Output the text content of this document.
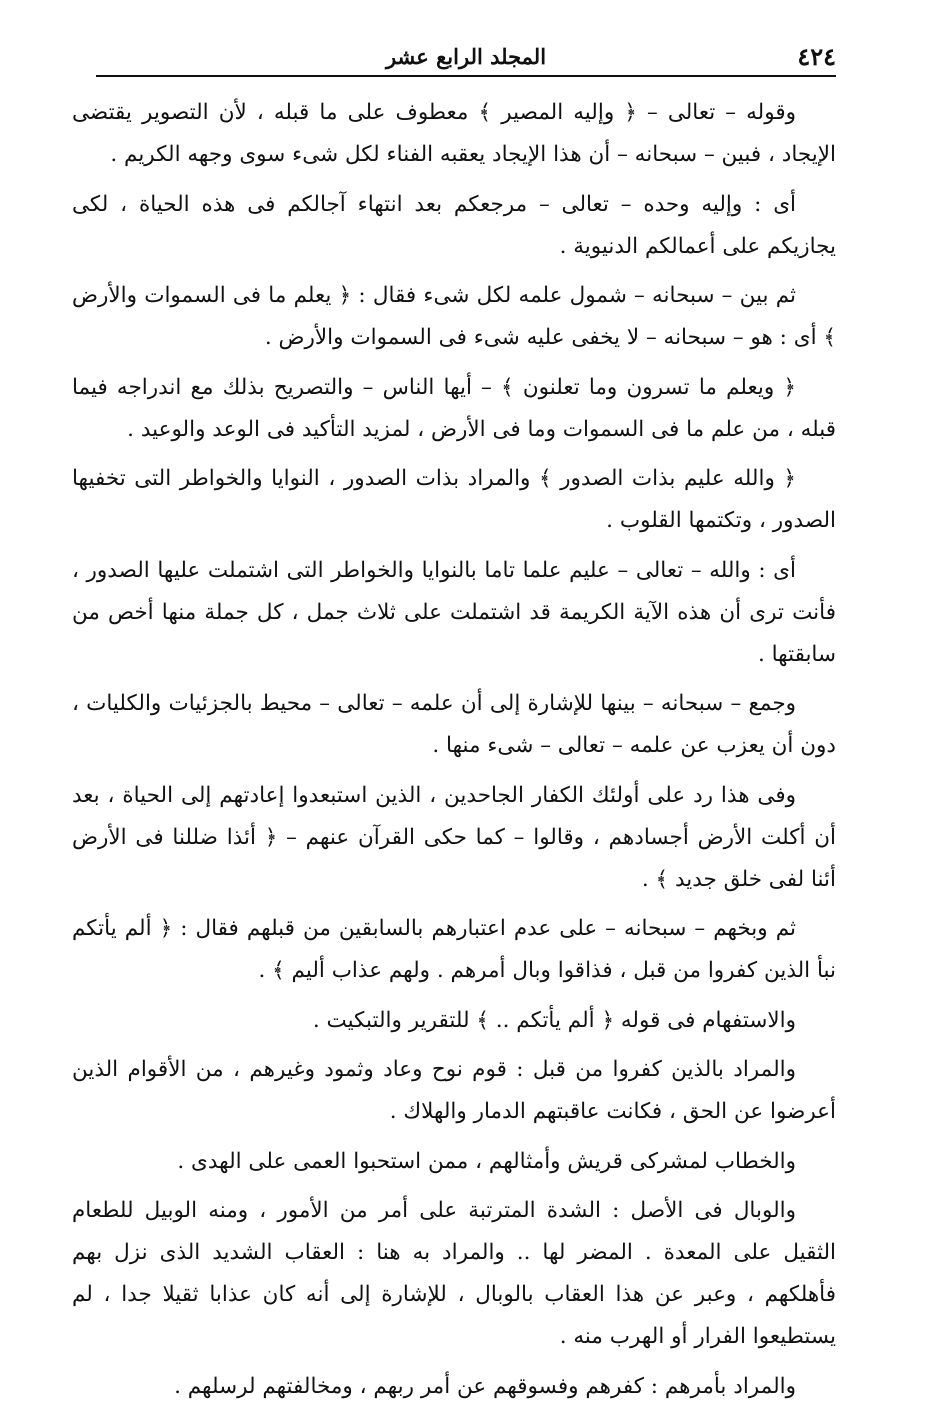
٤٢٤
المجلد الرابع عشر

وقوله – تعالى – ﴿ وإليه المصير ﴾ معطوف على ما قبله ، لأن التصوير يقتضى الإيجاد ، فبين – سبحانه – أن هذا الإيجاد يعقبه الفناء لكل شىء سوى وجهه الكريم .

أى : وإليه وحده – تعالى – مرجعكم بعد انتهاء آجالكم فى هذه الحياة ، لكى يجازيكم على أعمالكم الدنيوية .

ثم بين – سبحانه – شمول علمه لكل شىء فقال : ﴿ يعلم ما فى السموات والأرض ﴾ أى : هو – سبحانه – لا يخفى عليه شىء فى السموات والأرض .

﴿ ويعلم ما تسرون وما تعلنون ﴾ – أيها الناس – والتصريح بذلك مع اندراجه فيما قبله ، من علم ما فى السموات وما فى الأرض ، لمزيد التأكيد فى الوعد والوعيد .

﴿ والله عليم بذات الصدور ﴾ والمراد بذات الصدور ، النوايا والخواطر التى تخفيها الصدور ، وتكتمها القلوب .

أى : والله – تعالى – عليم علما تاما بالنوايا والخواطر التى اشتملت عليها الصدور ، فأنت ترى أن هذه الآية الكريمة قد اشتملت على ثلاث جمل ، كل جملة منها أخص من سابقتها .

وجمع – سبحانه – بينها للإشارة إلى أن علمه – تعالى – محيط بالجزئيات والكليات ، دون أن يعزب عن علمه – تعالى – شىء منها .

وفى هذا رد على أولئك الكفار الجاحدين ، الذين استبعدوا إعادتهم إلى الحياة ، بعد أن أكلت الأرض أجسادهم ، وقالوا – كما حكى القرآن عنهم – ﴿ أئذا ضللنا فى الأرض أئنا لفى خلق جديد ﴾ .

ثم وبخهم – سبحانه – على عدم اعتبارهم بالسابقين من قبلهم فقال : ﴿ ألم يأتكم نبأ الذين كفروا من قبل ، فذاقوا وبال أمرهم . ولهم عذاب أليم ﴾ .

والاستفهام فى قوله ﴿ ألم يأتكم .. ﴾ للتقرير والتبكيت .

والمراد بالذين كفروا من قبل : قوم نوح وعاد وثمود وغيرهم ، من الأقوام الذين أعرضوا عن الحق ، فكانت عاقبتهم الدمار والهلاك .

والخطاب لمشركى قريش وأمثالهم ، ممن استحبوا العمى على الهدى .

والوبال فى الأصل : الشدة المترتبة على أمر من الأمور ، ومنه الوبيل للطعام الثقيل على المعدة . المضر لها .. والمراد به هنا : العقاب الشديد الذى نزل بهم فأهلكهم ، وعبر عن هذا العقاب بالوبال ، للإشارة إلى أنه كان عذابا ثقيلا جدا ، لم يستطيعوا الفرار أو الهرب منه .

والمراد بأمرهم : كفرهم وفسوقهم عن أمر ربهم ، ومخالفتهم لرسلهم .
